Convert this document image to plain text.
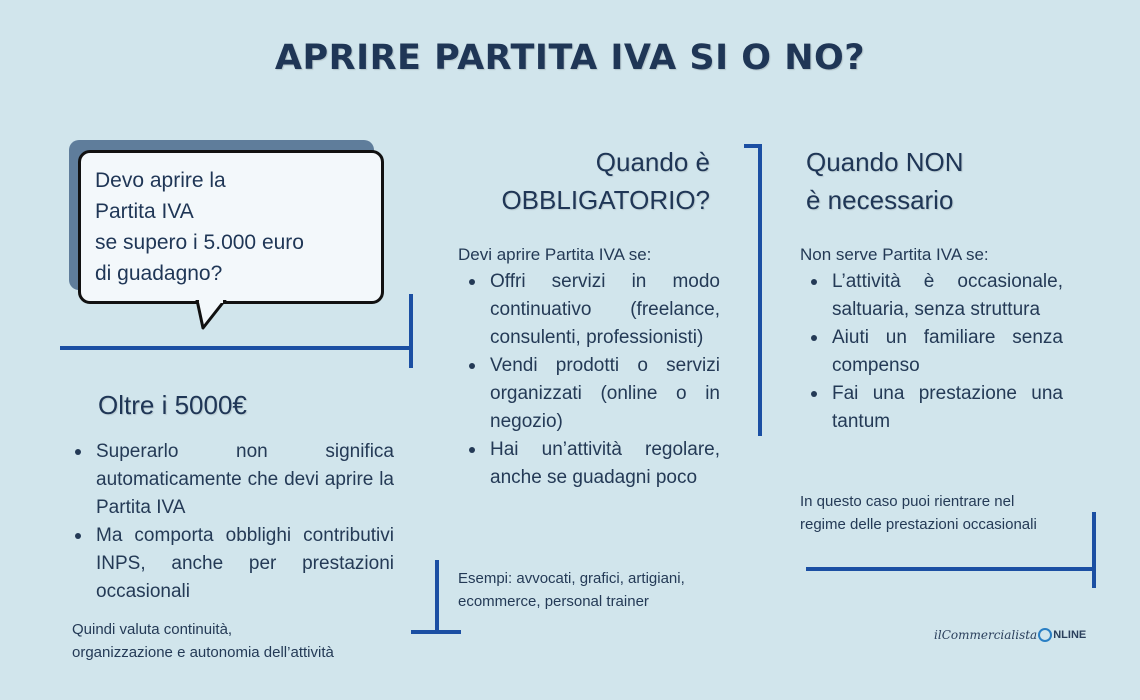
APRIRE PARTITA IVA SI O NO?
Devo aprire la
Partita IVA
se supero i 5.000 euro
di guadagno?
Oltre i 5000€
Superarlo non significa automaticamente che devi aprire la Partita IVA
Ma comporta obblighi contributivi INPS, anche per prestazioni occasionali
Quindi valuta continuità,
organizzazione e autonomia dell’attività
Quando è
OBBLIGATORIO?
Devi aprire Partita IVA se:
Offri servizi in modo continuativo (freelance, consulenti, professionisti)
Vendi prodotti o servizi organizzati (online o in negozio)
Hai un’attività regolare, anche se guadagni poco
Esempi: avvocati, grafici, artigiani,
ecommerce, personal trainer
Quando NON
è necessario
Non serve Partita IVA se:
L’attività è occasionale, saltuaria, senza struttura
Aiuti un familiare senza compenso
Fai una prestazione una tantum
In questo caso puoi rientrare nel
regime delle prestazioni occasionali
il Commercialista NLINE
